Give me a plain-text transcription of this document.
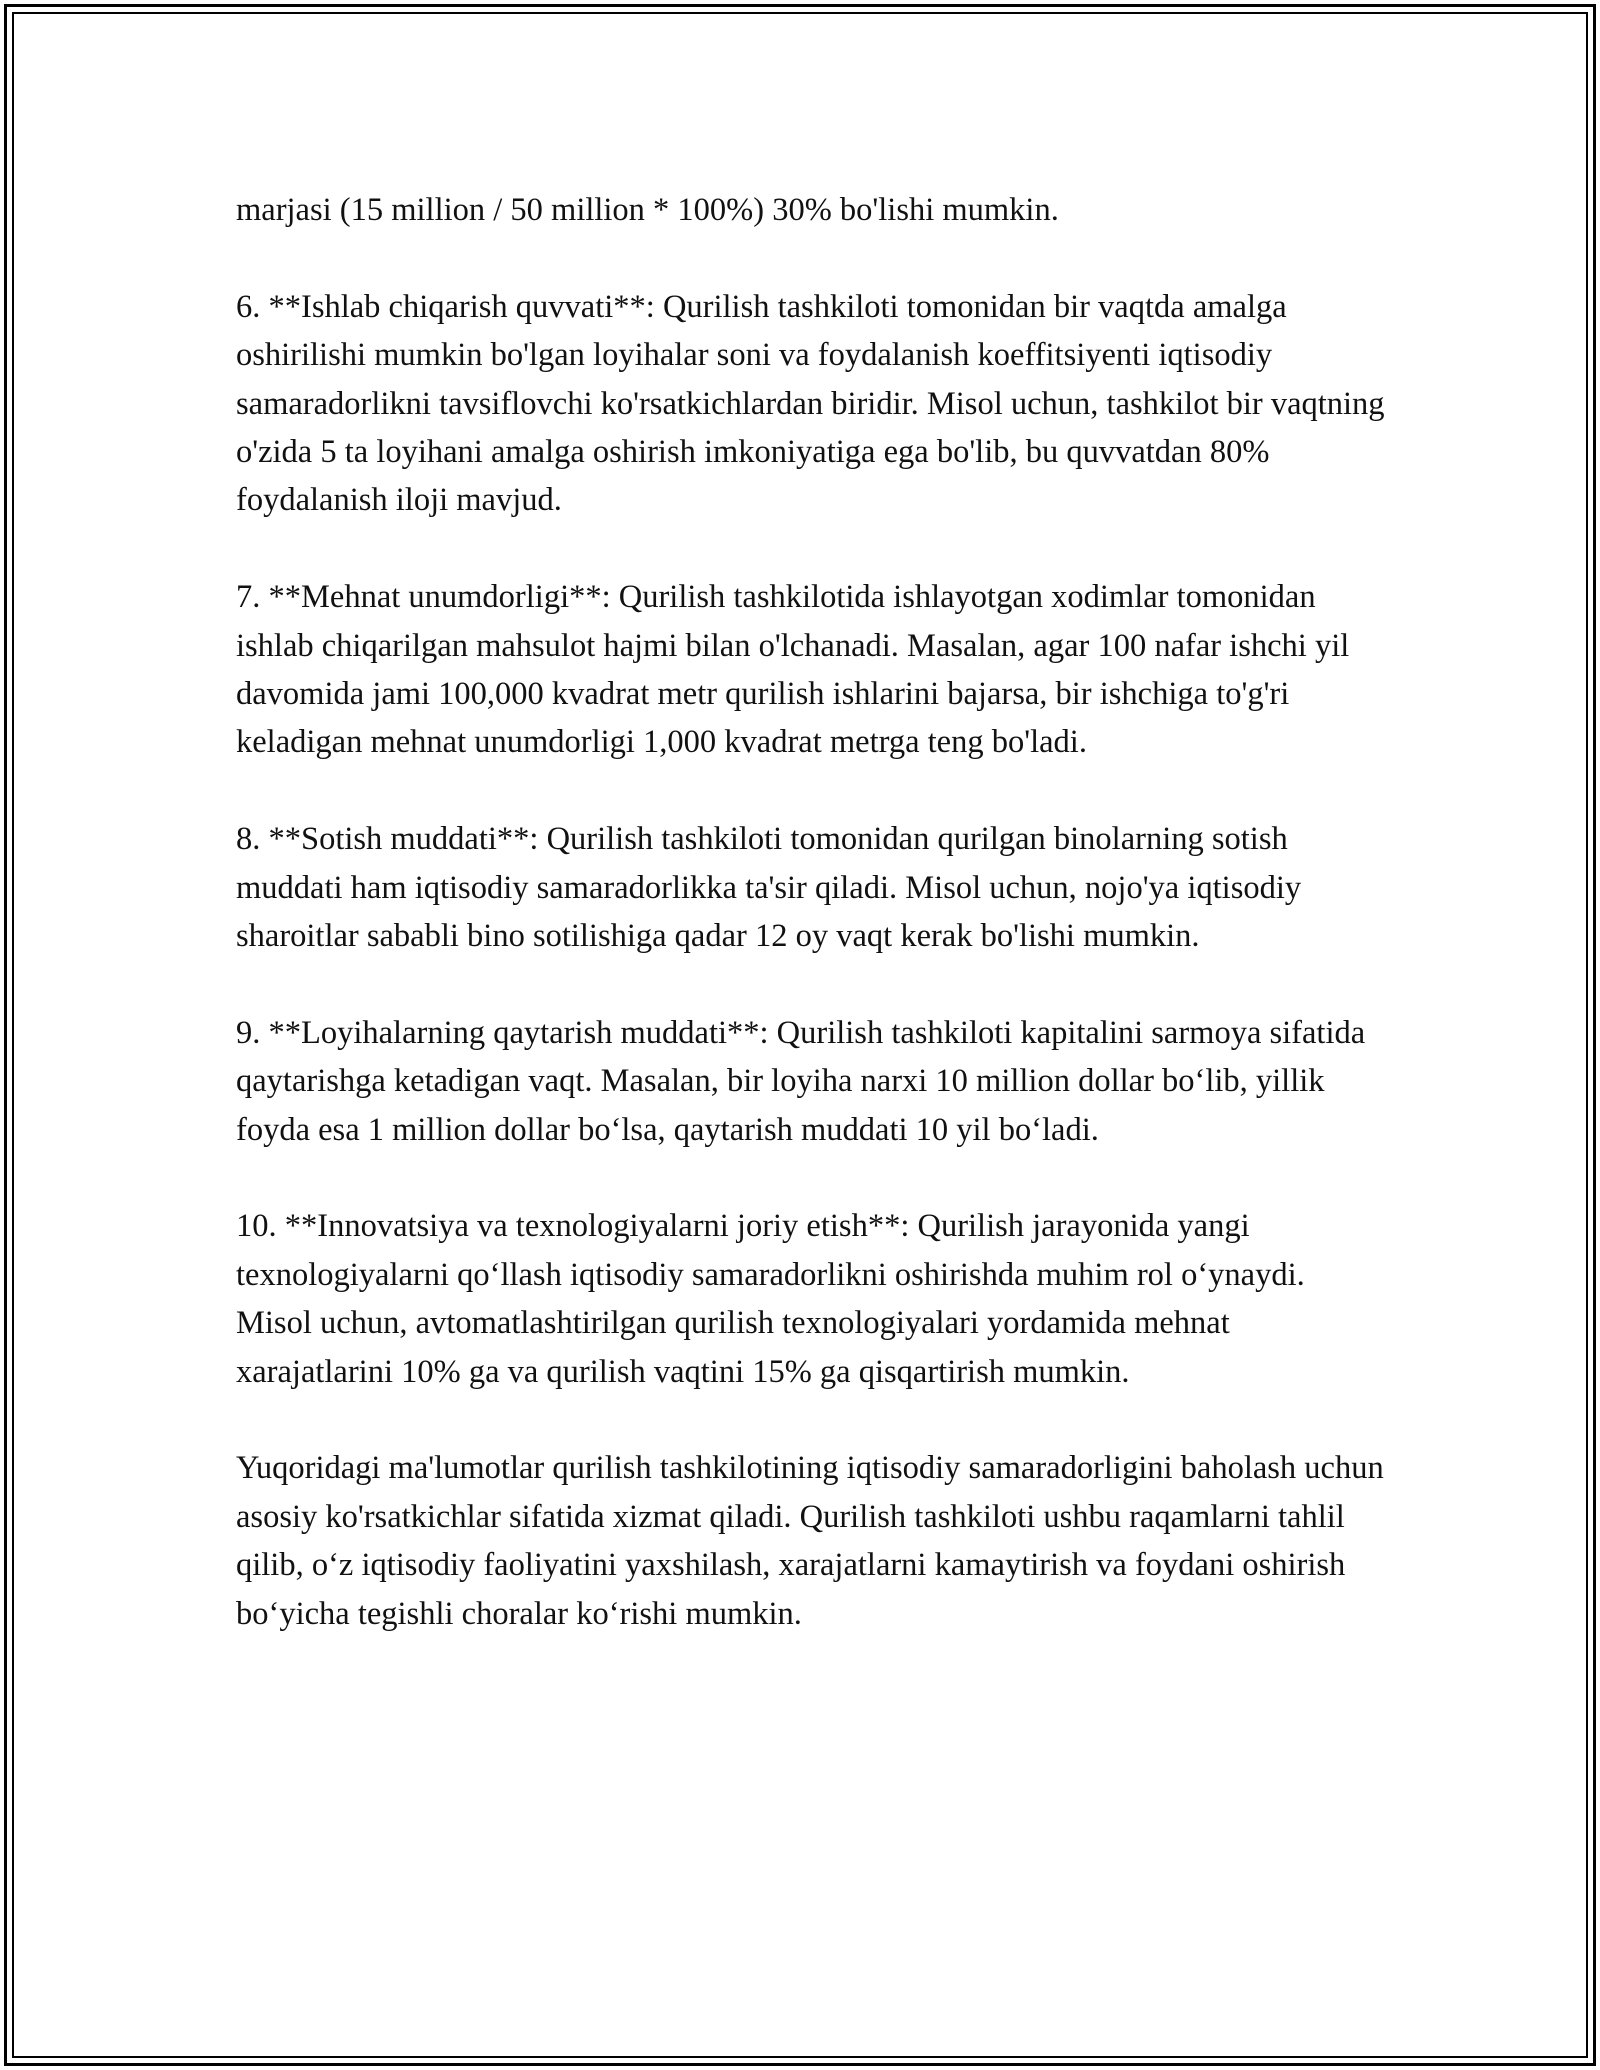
marjasi (15 million / 50 million * 100%) 30% bo'lishi mumkin.

6. **Ishlab chiqarish quvvati**: Qurilish tashkiloti tomonidan bir vaqtda amalga oshirilishi mumkin bo'lgan loyihalar soni va foydalanish koeffitsiyenti iqtisodiy samaradorlikni tavsiflovchi ko'rsatkichlardan biridir. Misol uchun, tashkilot bir vaqtning o'zida 5 ta loyihani amalga oshirish imkoniyatiga ega bo'lib, bu quvvatdan 80% foydalanish iloji mavjud.

7. **Mehnat unumdorligi**: Qurilish tashkilotida ishlayotgan xodimlar tomonidan ishlab chiqarilgan mahsulot hajmi bilan o'lchanadi. Masalan, agar 100 nafar ishchi yil davomida jami 100,000 kvadrat metr qurilish ishlarini bajarsa, bir ishchiga to'g'ri keladigan mehnat unumdorligi 1,000 kvadrat metrga teng bo'ladi.

8. **Sotish muddati**: Qurilish tashkiloti tomonidan qurilgan binolarning sotish muddati ham iqtisodiy samaradorlikka ta'sir qiladi. Misol uchun, nojo'ya iqtisodiy sharoitlar sababli bino sotilishiga qadar 12 oy vaqt kerak bo'lishi mumkin.

9. **Loyihalarning qaytarish muddati**: Qurilish tashkiloti kapitalini sarmoya sifatida qaytarishga ketadigan vaqt. Masalan, bir loyiha narxi 10 million dollar bo‘lib, yillik foyda esa 1 million dollar bo‘lsa, qaytarish muddati 10 yil bo‘ladi.

10. **Innovatsiya va texnologiyalarni joriy etish**: Qurilish jarayonida yangi texnologiyalarni qo‘llash iqtisodiy samaradorlikni oshirishda muhim rol o‘ynaydi. Misol uchun, avtomatlashtirilgan qurilish texnologiyalari yordamida mehnat xarajatlarini 10% ga va qurilish vaqtini 15% ga qisqartirish mumkin.

Yuqoridagi ma'lumotlar qurilish tashkilotining iqtisodiy samaradorligini baholash uchun asosiy ko'rsatkichlar sifatida xizmat qiladi. Qurilish tashkiloti ushbu raqamlarni tahlil qilib, o‘z iqtisodiy faoliyatini yaxshilash, xarajatlarni kamaytirish va foydani oshirish bo‘yicha tegishli choralar ko‘rishi mumkin.
